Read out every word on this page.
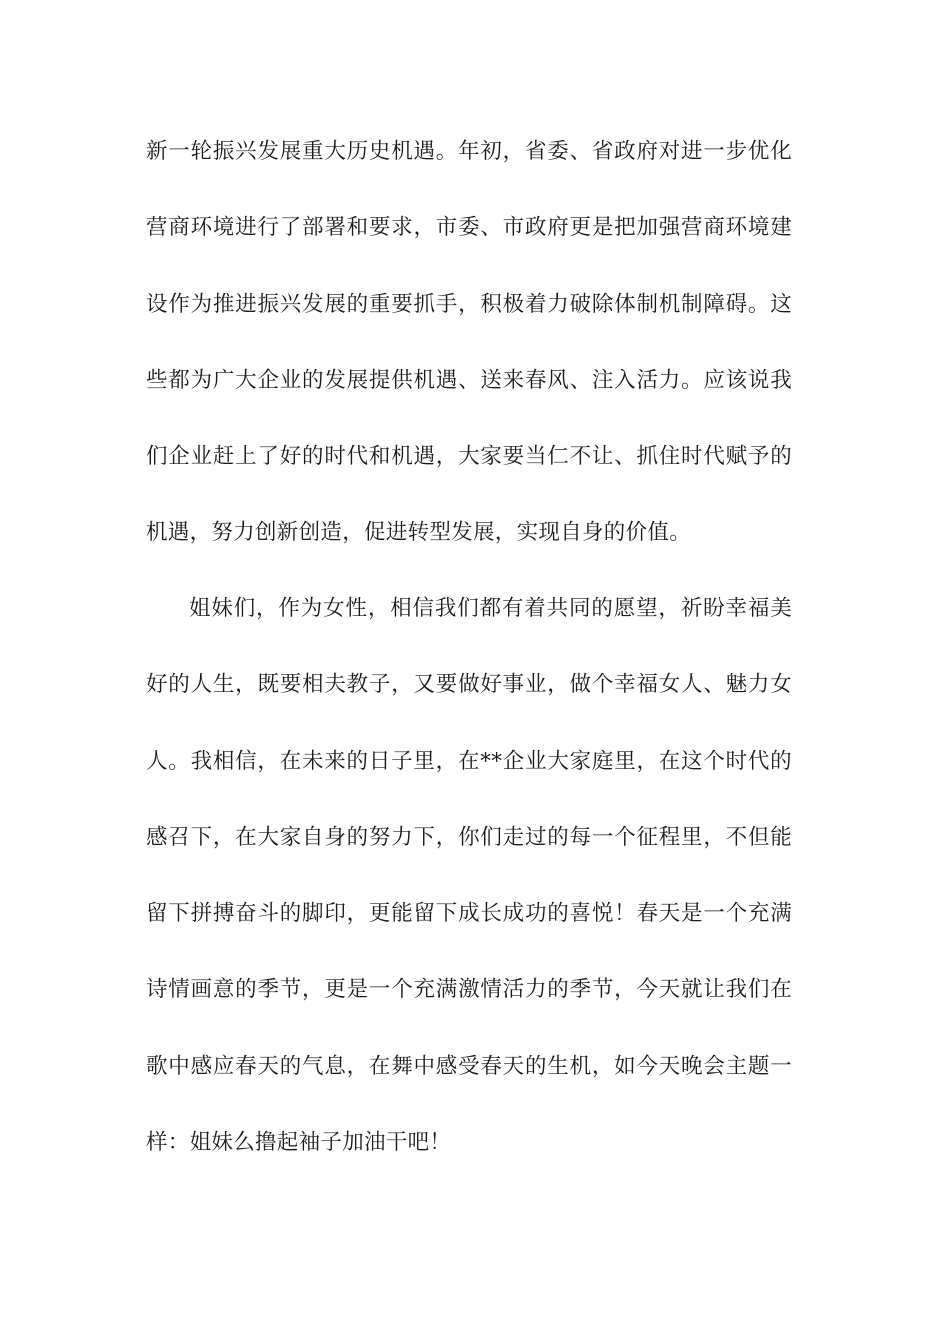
新一轮振兴发展重大历史机遇。年初，省委、省政府对进一步优化
营商环境进行了部署和要求，市委、市政府更是把加强营商环境建
设作为推进振兴发展的重要抓手，积极着力破除体制机制障碍。这
些都为广大企业的发展提供机遇、送来春风、注入活力。应该说我
们企业赶上了好的时代和机遇，大家要当仁不让、抓住时代赋予的
机遇，努力创新创造，促进转型发展，实现自身的价值。
姐妹们，作为女性，相信我们都有着共同的愿望，祈盼幸福美
好的人生，既要相夫教子，又要做好事业，做个幸福女人、魅力女
人。我相信，在未来的日子里，在**企业大家庭里，在这个时代的
感召下，在大家自身的努力下，你们走过的每一个征程里，不但能
留下拼搏奋斗的脚印，更能留下成长成功的喜悦！春天是一个充满
诗情画意的季节，更是一个充满激情活力的季节，今天就让我们在
歌中感应春天的气息，在舞中感受春天的生机，如今天晚会主题一
样：姐妹么撸起袖子加油干吧！
